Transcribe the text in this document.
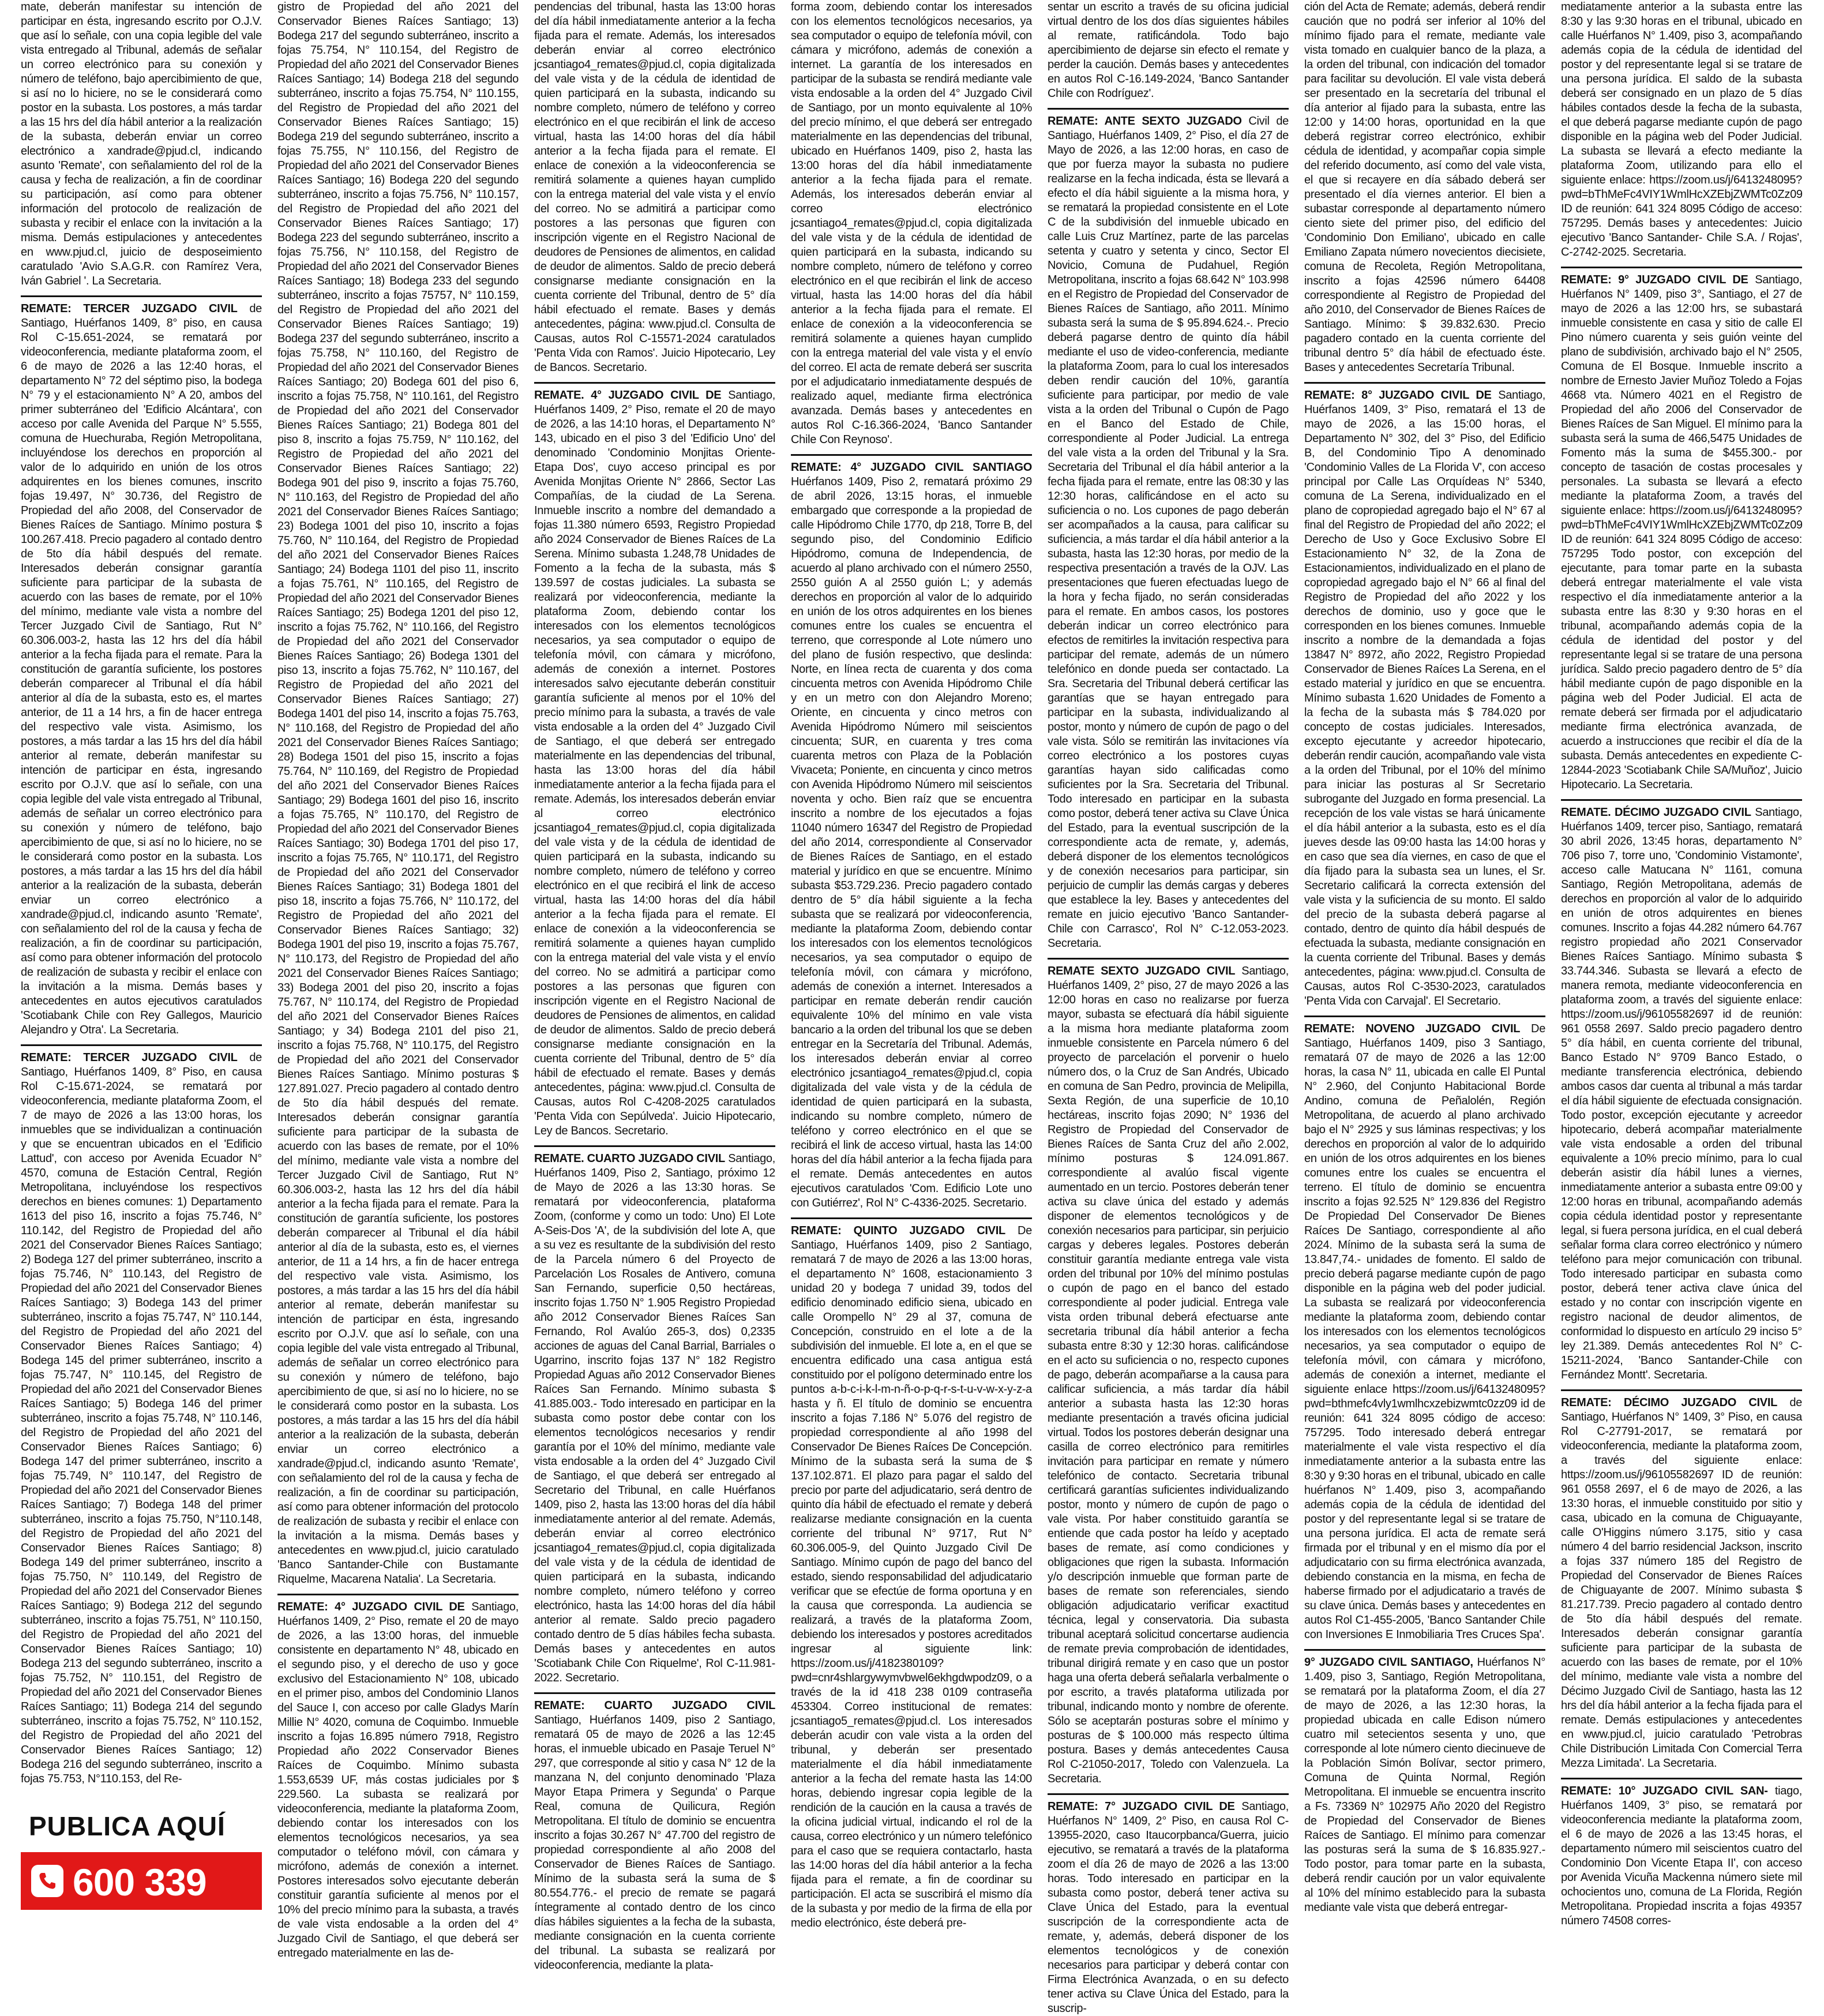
mate, deberán manifestar su intención de participar en ésta, ingresando escrito por O.J.V. que así lo señale, con una copia legible del vale vista entregado al Tribunal, además de señalar un correo electrónico para su conexión y número de teléfono, bajo apercibimiento de que, si así no lo hiciere, no se le considerará como postor en la subasta. Los postores, a más tardar a las 15 hrs del día hábil anterior a la realización de la subasta, deberán enviar un correo electrónico a xandrade@pjud.cl, indicando asunto 'Remate', con señalamiento del rol de la causa y fecha de realización, a fin de coordinar su participación, así como para obtener información del protocolo de realización de subasta y recibir el enlace con la invitación a la misma. Demás estipulaciones y antecedentes en www.pjud.cl, juicio de desposeimiento caratulado 'Avio S.A.G.R. con Ramírez Vera, Iván Gabriel '. La Secretaria.

REMATE: TERCER JUZGADO CIVIL de Santiago, Huérfanos 1409, 8° piso, en causa Rol C-15.651-2024, se rematará por videoconferencia, mediante plataforma zoom, el 6 de mayo de 2026 a las 12:40 horas, el departamento N° 72 del séptimo piso, la bodega N° 79 y el estacionamiento N° A 20, ambos del primer subterráneo del 'Edificio Alcántara', con acceso por calle Avenida del Parque N° 5.555, comuna de Huechuraba, Región Metropolitana, incluyéndose los derechos en proporción al valor de lo adquirido en unión de los otros adquirentes en los bienes comunes, inscrito fojas 19.497, N° 30.736, del Registro de Propiedad del año 2008, del Conservador de Bienes Raíces de Santiago. Mínimo postura $ 100.267.418. Precio pagadero al contado dentro de 5to día hábil después del remate. Interesados deberán consignar garantía suficiente para participar de la subasta de acuerdo con las bases de remate, por el 10% del mínimo, mediante vale vista a nombre del Tercer Juzgado Civil de Santiago, Rut N° 60.306.003-2, hasta las 12 hrs del día hábil anterior a la fecha fijada para el remate. Para la constitución de garantía suficiente, los postores deberán comparecer al Tribunal el día hábil anterior al día de la subasta, esto es, el martes anterior, de 11 a 14 hrs, a fin de hacer entrega del respectivo vale vista. Asimismo, los postores, a más tardar a las 15 hrs del día hábil anterior al remate, deberán manifestar su intención de participar en ésta, ingresando escrito por O.J.V. que así lo señale, con una copia legible del vale vista entregado al Tribunal, además de señalar un correo electrónico para su conexión y número de teléfono, bajo apercibimiento de que, si así no lo hiciere, no se le considerará como postor en la subasta. Los postores, a más tardar a las 15 hrs del día hábil anterior a la realización de la subasta, deberán enviar un correo electrónico a xandrade@pjud.cl, indicando asunto 'Remate', con señalamiento del rol de la causa y fecha de realización, a fin de coordinar su participación, así como para obtener información del protocolo de realización de subasta y recibir el enlace con la invitación a la misma. Demás bases y antecedentes en autos ejecutivos caratulados 'Scotiabank Chile con Rey Gallegos, Mauricio Alejandro y Otra'. La Secretaria.

REMATE: TERCER JUZGADO CIVIL de Santiago, Huérfanos 1409, 8° Piso, en causa Rol C-15.671-2024, se rematará por videoconferencia, mediante plataforma Zoom, el 7 de mayo de 2026 a las 13:00 horas, los inmuebles que se individualizan a continuación y que se encuentran ubicados en el 'Edificio Lattud', con acceso por Avenida Ecuador N° 4570, comuna de Estación Central, Región Metropolitana, incluyéndose los respectivos derechos en bienes comunes: 1) Departamento 1613 del piso 16, inscrito a fojas 75.746, N° 110.142, del Registro de Propiedad del año 2021 del Conservador Bienes Raíces Santiago; 2) Bodega 127 del primer subterráneo, inscrito a fojas 75.746, N° 110.143, del Registro de Propiedad del año 2021 del Conservador Bienes Raíces Santiago; 3) Bodega 143 del primer subterráneo, inscrito a fojas 75.747, N° 110.144, del Registro de Propiedad del año 2021 del Conservador Bienes Raíces Santiago; 4) Bodega 145 del primer subterráneo, inscrito a fojas 75.747, N° 110.145, del Registro de Propiedad del año 2021 del Conservador Bienes Raíces Santiago; 5) Bodega 146 del primer subterráneo, inscrito a fojas 75.748, N° 110.146, del Registro de Propiedad del año 2021 del Conservador Bienes Raíces Santiago; 6) Bodega 147 del primer subterráneo, inscrito a fojas 75.749, N° 110.147, del Registro de Propiedad del año 2021 del Conservador Bienes Raíces Santiago; 7) Bodega 148 del primer subterráneo, inscrito a fojas 75.750, N°110.148, del Registro de Propiedad del año 2021 del Conservador Bienes Raíces Santiago; 8) Bodega 149 del primer subterráneo, inscrito a fojas 75.750, N° 110.149, del Registro de Propiedad del año 2021 del Conservador Bienes Raíces Santiago; 9) Bodega 212 del segundo subterráneo, inscrito a fojas 75.751, N° 110.150, del Registro de Propiedad del año 2021 del Conservador Bienes Raíces Santiago; 10) Bodega 213 del segundo subterráneo, inscrito a fojas 75.752, N° 110.151, del Registro de Propiedad del año 2021 del Conservador Bienes Raíces Santiago; 11) Bodega 214 del segundo subterráneo, inscrito a fojas 75.752, N° 110.152, del Registro de Propiedad del año 2021 del Conservador Bienes Raíces Santiago; 12) Bodega 216 del segundo subterráneo, inscrito a fojas 75.753, N°110.153, del Re-

gistro de Propiedad del año 2021 del Conservador Bienes Raíces Santiago; 13) Bodega 217 del segundo subterráneo, inscrito a fojas 75.754, N° 110.154, del Registro de Propiedad del año 2021 del Conservador Bienes Raíces Santiago; 14) Bodega 218 del segundo subterráneo, inscrito a fojas 75.754, N° 110.155, del Registro de Propiedad del año 2021 del Conservador Bienes Raíces Santiago; 15) Bodega 219 del segundo subterráneo, inscrito a fojas 75.755, N° 110.156, del Registro de Propiedad del año 2021 del Conservador Bienes Raíces Santiago; 16) Bodega 220 del segundo subterráneo, inscrito a fojas 75.756, N° 110.157, del Registro de Propiedad del año 2021 del Conservador Bienes Raíces Santiago; 17) Bodega 223 del segundo subterráneo, inscrito a fojas 75.756, N° 110.158, del Registro de Propiedad del año 2021 del Conservador Bienes Raíces Santiago; 18) Bodega 233 del segundo subterráneo, inscrito a fojas 75757, N° 110.159, del Registro de Propiedad del año 2021 del Conservador Bienes Raíces Santiago; 19) Bodega 237 del segundo subterráneo, inscrito a fojas 75.758, N° 110.160, del Registro de Propiedad del año 2021 del Conservador Bienes Raíces Santiago; 20) Bodega 601 del piso 6, inscrito a fojas 75.758, N° 110.161, del Registro de Propiedad del año 2021 del Conservador Bienes Raíces Santiago; 21) Bodega 801 del piso 8, inscrito a fojas 75.759, N° 110.162, del Registro de Propiedad del año 2021 del Conservador Bienes Raíces Santiago; 22) Bodega 901 del piso 9, inscrito a fojas 75.760, N° 110.163, del Registro de Propiedad del año 2021 del Conservador Bienes Raíces Santiago; 23) Bodega 1001 del piso 10, inscrito a fojas 75.760, N° 110.164, del Registro de Propiedad del año 2021 del Conservador Bienes Raíces Santiago; 24) Bodega 1101 del piso 11, inscrito a fojas 75.761, N° 110.165, del Registro de Propiedad del año 2021 del Conservador Bienes Raíces Santiago; 25) Bodega 1201 del piso 12, inscrito a fojas 75.762, N° 110.166, del Registro de Propiedad del año 2021 del Conservador Bienes Raíces Santiago; 26) Bodega 1301 del piso 13, inscrito a fojas 75.762, N° 110.167, del Registro de Propiedad del año 2021 del Conservador Bienes Raíces Santiago; 27) Bodega 1401 del piso 14, inscrito a fojas 75.763, N° 110.168, del Registro de Propiedad del año 2021 del Conservador Bienes Raíces Santiago; 28) Bodega 1501 del piso 15, inscrito a fojas 75.764, N° 110.169, del Registro de Propiedad del año 2021 del Conservador Bienes Raíces Santiago; 29) Bodega 1601 del piso 16, inscrito a fojas 75.765, N° 110.170, del Registro de Propiedad del año 2021 del Conservador Bienes Raíces Santiago; 30) Bodega 1701 del piso 17, inscrito a fojas 75.765, N° 110.171, del Registro de Propiedad del año 2021 del Conservador Bienes Raíces Santiago; 31) Bodega 1801 del piso 18, inscrito a fojas 75.766, N° 110.172, del Registro de Propiedad del año 2021 del Conservador Bienes Raíces Santiago; 32) Bodega 1901 del piso 19, inscrito a fojas 75.767, N° 110.173, del Registro de Propiedad del año 2021 del Conservador Bienes Raíces Santiago; 33) Bodega 2001 del piso 20, inscrito a fojas 75.767, N° 110.174, del Registro de Propiedad del año 2021 del Conservador Bienes Raíces Santiago; y 34) Bodega 2101 del piso 21, inscrito a fojas 75.768, N° 110.175, del Registro de Propiedad del año 2021 del Conservador Bienes Raíces Santiago. Mínimo posturas $ 127.891.027. Precio pagadero al contado dentro de 5to día hábil después del remate. Interesados deberán consignar garantía suficiente para participar de la subasta de acuerdo con las bases de remate, por el 10% del mínimo, mediante vale vista a nombre del Tercer Juzgado Civil de Santiago, Rut N° 60.306.003-2, hasta las 12 hrs del día hábil anterior a la fecha fijada para el remate. Para la constitución de garantía suficiente, los postores deberán comparecer al Tribunal el día hábil anterior al día de la subasta, esto es, el viernes anterior, de 11 a 14 hrs, a fin de hacer entrega del respectivo vale vista. Asimismo, los postores, a más tardar a las 15 hrs del día hábil anterior al remate, deberán manifestar su intención de participar en ésta, ingresando escrito por O.J.V. que así lo señale, con una copia legible del vale vista entregado al Tribunal, además de señalar un correo electrónico para su conexión y número de teléfono, bajo apercibimiento de que, si así no lo hiciere, no se le considerará como postor en la subasta. Los postores, a más tardar a las 15 hrs del día hábil anterior a la realización de la subasta, deberán enviar un correo electrónico a xandrade@pjud.cl, indicando asunto 'Remate', con señalamiento del rol de la causa y fecha de realización, a fin de coordinar su participación, así como para obtener información del protocolo de realización de subasta y recibir el enlace con la invitación a la misma. Demás bases y antecedentes en www.pjud.cl, juicio caratulado 'Banco Santander-Chile con Bustamante Riquelme, Macarena Natalia'. La Secretaria.

REMATE: 4° JUZGADO CIVIL DE Santiago, Huérfanos 1409, 2° Piso, remate el 20 de mayo de 2026, a las 13:00 horas, del inmueble consistente en departamento N° 48, ubicado en el segundo piso, y el derecho de uso y goce exclusivo del Estacionamiento N° 108, ubicado en el primer piso, ambos del Condominio Llanos del Sauce I, con acceso por calle Gladys Marín Millie N° 4020, comuna de Coquimbo. Inmueble inscrito a fojas 16.895 número 7918, Registro Propiedad año 2022 Conservador Bienes Raíces de Coquimbo. Mínimo subasta 1.553,6539 UF, más costas judiciales por $ 229.560. La subasta se realizará por videoconferencia, mediante la plataforma Zoom, debiendo contar los interesados con los elementos tecnológicos necesarios, ya sea computador o teléfono móvil, con cámara y micrófono, además de conexión a internet. Postores interesados solvo ejecutante deberán constituir garantía suficiente al menos por el 10% del precio mínimo para la subasta, a través de vale vista endosable a la orden del 4° Juzgado Civil de Santiago, el que deberá ser entregado materialmente en las de-

pendencias del tribunal, hasta las 13:00 horas del día hábil inmediatamente anterior a la fecha fijada para el remate. Además, los interesados deberán enviar al correo electrónico jcsantiago4_remates@pjud.cl, copia digitalizada del vale vista y de la cédula de identidad de quien participará en la subasta, indicando su nombre completo, número de teléfono y correo electrónico en el que recibirán el link de acceso virtual, hasta las 14:00 horas del día hábil anterior a la fecha fijada para el remate. El enlace de conexión a la videoconferencia se remitirá solamente a quienes hayan cumplido con la entrega material del vale vista y el envío del correo. No se admitirá a participar como postores a las personas que figuren con inscripción vigente en el Registro Nacional de deudores de Pensiones de alimentos, en calidad de deudor de alimentos. Saldo de precio deberá consignarse mediante consignación en la cuenta corriente del Tribunal, dentro de 5° día hábil efectuado el remate. Bases y demás antecedentes, página: www.pjud.cl. Consulta de Causas, autos Rol C-15571-2024 caratulados 'Penta Vida con Ramos'. Juicio Hipotecario, Ley de Bancos. Secretario.

REMATE. 4° JUZGADO CIVIL DE Santiago, Huérfanos 1409, 2° Piso, remate el 20 de mayo de 2026, a las 14:10 horas, el Departamento N° 143, ubicado en el piso 3 del 'Edificio Uno' del denominado 'Condominio Monjitas Oriente-Etapa Dos', cuyo acceso principal es por Avenida Monjitas Oriente N° 2866, Sector Las Compañías, de la ciudad de La Serena. Inmueble inscrito a nombre del demandado a fojas 11.380 número 6593, Registro Propiedad año 2024 Conservador de Bienes Raíces de La Serena. Mínimo subasta 1.248,78 Unidades de Fomento a la fecha de la subasta, más $ 139.597 de costas judiciales. La subasta se realizará por videoconferencia, mediante la plataforma Zoom, debiendo contar los interesados con los elementos tecnológicos necesarios, ya sea computador o equipo de telefonía móvil, con cámara y micrófono, además de conexión a internet. Postores interesados salvo ejecutante deberán constituir garantía suficiente al menos por el 10% del precio mínimo para la subasta, a través de vale vista endosable a la orden del 4° Juzgado Civil de Santiago, el que deberá ser entregado materialmente en las dependencias del tribunal, hasta las 13:00 horas del día hábil inmediatamente anterior a la fecha fijada para el remate. Además, los interesados deberán enviar al correo electrónico jcsantiago4_remates@pjud.cl, copia digitalizada del vale vista y de la cédula de identidad de quien participará en la subasta, indicando su nombre completo, número de teléfono y correo electrónico en el que recibirá el link de acceso virtual, hasta las 14:00 horas del día hábil anterior a la fecha fijada para el remate. El enlace de conexión a la videoconferencia se remitirá solamente a quienes hayan cumplido con la entrega material del vale vista y el envío del correo. No se admitirá a participar como postores a las personas que figuren con inscripción vigente en el Registro Nacional de deudores de Pensiones de alimentos, en calidad de deudor de alimentos. Saldo de precio deberá consignarse mediante consignación en la cuenta corriente del Tribunal, dentro de 5° día hábil de efectuado el remate. Bases y demás antecedentes, página: www.pjud.cl. Consulta de Causas, autos Rol C-4208-2025 caratulados 'Penta Vida con Sepúlveda'. Juicio Hipotecario, Ley de Bancos. Secretario.

REMATE. CUARTO JUZGADO CIVIL Santiago, Huérfanos 1409, Piso 2, Santiago, próximo 12 de Mayo de 2026 a las 13:30 horas. Se rematará por videoconferencia, plataforma Zoom, (conforme y como un todo: Uno) El Lote A-Seis-Dos 'A', de la subdivisión del lote A, que a su vez es resultante de la subdivisión del resto de la Parcela número 6 del Proyecto de Parcelación Los Rosales de Antivero, comuna San Fernando, superficie 0,50 hectáreas, inscrito fojas 1.750 N° 1.905 Registro Propiedad año 2012 Conservador Bienes Raíces San Fernando, Rol Avalúo 265-3, dos) 0,2335 acciones de aguas del Canal Barrial, Barriales o Ugarrino, inscrito fojas 137 N° 182 Registro Propiedad Aguas año 2012 Conservador Bienes Raíces San Fernando. Mínimo subasta $ 41.885.003.- Todo interesado en participar en la subasta como postor debe contar con los elementos tecnológicos necesarios y rendir garantía por el 10% del mínimo, mediante vale vista endosable a la orden del 4° Juzgado Civil de Santiago, el que deberá ser entregado al Secretario del Tribunal, en calle Huérfanos 1409, piso 2, hasta las 13:00 horas del día hábil inmediatamente anterior al del remate. Además, deberán enviar al correo electrónico jcsantiago4_remates@pjud.cl, copia digitalizada del vale vista y de la cédula de identidad de quien participará en la subasta, indicando nombre completo, número teléfono y correo electrónico, hasta las 14:00 horas del día hábil anterior al remate. Saldo precio pagadero contado dentro de 5 días hábiles fecha subasta. Demás bases y antecedentes en autos 'Scotiabank Chile Con Riquelme', Rol C-11.981-2022. Secretario.

REMATE: CUARTO JUZGADO CIVIL Santiago, Huérfanos 1409, piso 2 Santiago, rematará 05 de mayo de 2026 a las 12:45 horas, el inmueble ubicado en Pasaje Teruel N° 297, que corresponde al sitio y casa N° 12 de la manzana N, del conjunto denominado 'Plaza Mayor Etapa Primera y Segunda' o Parque Real, comuna de Quilicura, Región Metropolitana. El título de dominio se encuentra inscrito a fojas 30.267 N° 47.700 del registro de propiedad correspondiente al año 2008 del Conservador de Bienes Raíces de Santiago. Mínimo de la subasta será la suma de $ 80.554.776.- el precio de remate se pagará íntegramente al contado dentro de los cinco días hábiles siguientes a la fecha de la subasta, mediante consignación en la cuenta corriente del tribunal. La subasta se realizará por videoconferencia, mediante la plata-

forma zoom, debiendo contar los interesados con los elementos tecnológicos necesarios, ya sea computador o equipo de telefonía móvil, con cámara y micrófono, además de conexión a internet. La garantía de los interesados en participar de la subasta se rendirá mediante vale vista endosable a la orden del 4° Juzgado Civil de Santiago, por un monto equivalente al 10% del precio mínimo, el que deberá ser entregado materialmente en las dependencias del tribunal, ubicado en Huérfanos 1409, piso 2, hasta las 13:00 horas del día hábil inmediatamente anterior a la fecha fijada para el remate. Además, los interesados deberán enviar al correo electrónico jcsantiago4_remates@pjud.cl, copia digitalizada del vale vista y de la cédula de identidad de quien participará en la subasta, indicando su nombre completo, número de teléfono y correo electrónico en el que recibirán el link de acceso virtual, hasta las 14:00 horas del día hábil anterior a la fecha fijada para el remate. El enlace de conexión a la videoconferencia se remitirá solamente a quienes hayan cumplido con la entrega material del vale vista y el envío del correo. El acta de remate deberá ser suscrita por el adjudicatario inmediatamente después de realizado aquel, mediante firma electrónica avanzada. Demás bases y antecedentes en autos Rol C-16.366-2024, 'Banco Santander Chile Con Reynoso'.

REMATE: 4° JUZGADO CIVIL SANTIAGO Huérfanos 1409, Piso 2, rematará próximo 29 de abril 2026, 13:15 horas, el inmueble embargado que corresponde a la propiedad de calle Hipódromo Chile 1770, dp 218, Torre B, del segundo piso, del Condominio Edificio Hipódromo, comuna de Independencia, de acuerdo al plano archivado con el número 2550, 2550 guión A al 2550 guión L; y además derechos en proporción al valor de lo adquirido en unión de los otros adquirentes en los bienes comunes entre los cuales se encuentra el terreno, que corresponde al Lote número uno del plano de fusión respectivo, que deslinda: Norte, en línea recta de cuarenta y dos coma cincuenta metros con Avenida Hipódromo Chile y en un metro con don Alejandro Moreno; Oriente, en cincuenta y cinco metros con Avenida Hipódromo Número mil seiscientos cincuenta; SUR, en cuarenta y tres coma cuarenta metros con Plaza de la Población Vivaceta; Poniente, en cincuenta y cinco metros con Avenida Hipódromo Número mil seiscientos noventa y ocho. Bien raíz que se encuentra inscrito a nombre de los ejecutados a fojas 11040 número 16347 del Registro de Propiedad del año 2014, correspondiente al Conservador de Bienes Raíces de Santiago, en el estado material y jurídico en que se encuentre. Mínimo subasta $53.729.236. Precio pagadero contado dentro de 5° día hábil siguiente a la fecha subasta que se realizará por videoconferencia, mediante la plataforma Zoom, debiendo contar los interesados con los elementos tecnológicos necesarios, ya sea computador o equipo de telefonía móvil, con cámara y micrófono, además de conexión a internet. Interesados a participar en remate deberán rendir caución equivalente 10% del mínimo en vale vista bancario a la orden del tribunal los que se deben entregar en la Secretaría del Tribunal. Además, los interesados deberán enviar al correo electrónico jcsantiago4_remates@pjud.cl, copia digitalizada del vale vista y de la cédula de identidad de quien participará en la subasta, indicando su nombre completo, número de teléfono y correo electrónico en el que se recibirá el link de acceso virtual, hasta las 14:00 horas del día hábil anterior a la fecha fijada para el remate. Demás antecedentes en autos ejecutivos caratulados 'Com. Edificio Lote uno con Gutiérrez', Rol N° C-4336-2025. Secretario.

REMATE: QUINTO JUZGADO CIVIL De Santiago, Huérfanos 1409, piso 2 Santiago, rematará 7 de mayo de 2026 a las 13:00 horas, el departamento N° 1608, estacionamiento 3 unidad 20 y bodega 7 unidad 39, todos del edificio denominado edificio siena, ubicado en calle Orompello N° 29 al 37, comuna de Concepción, construido en el lote a de la subdivisión del inmueble. El lote a, en el que se encuentra edificado una casa antigua está constituido por el polígono determinado entre los puntos a-b-c-i-k-l-m-n-ñ-o-p-q-r-s-t-u-v-w-x-y-z-a hasta y ñ. El título de dominio se encuentra inscrito a fojas 7.186 N° 5.076 del registro de propiedad correspondiente al año 1998 del Conservador De Bienes Raíces De Concepción. Mínimo de la subasta será la suma de $ 137.102.871. El plazo para pagar el saldo del precio por parte del adjudicatario, será dentro de quinto día hábil de efectuado el remate y deberá realizarse mediante consignación en la cuenta corriente del tribunal N° 9717, Rut N° 60.306.005-9, del Quinto Juzgado Civil De Santiago. Mínimo cupón de pago del banco del estado, siendo responsabilidad del adjudicatario verificar que se efectúe de forma oportuna y en la causa que corresponda. La audiencia se realizará, a través de la plataforma Zoom, debiendo los interesados y postores acreditados ingresar al siguiente link: https://zoom.us/j/4182380109?pwd=cnr4shlargywymvbwel6ekhgdwpodz09, o a través de la id 418 238 0109 contraseña 453304. Correo institucional de remates: jcsantiago5_remates@pjud.cl. Los interesados deberán acudir con vale vista a la orden del tribunal, y deberán ser presentado materialmente el día hábil inmediatamente anterior a la fecha del remate hasta las 14:00 horas, debiendo ingresar copia legible de la rendición de la caución en la causa a través de la oficina judicial virtual, indicando el rol de la causa, correo electrónico y un número telefónico para el caso que se requiera contactarlo, hasta las 14:00 horas del día hábil anterior a la fecha fijada para el remate, a fin de coordinar su participación. El acta se suscribirá el mismo día de la subasta y por medio de la firma de ella por medio electrónico, éste deberá pre-

sentar un escrito a través de su oficina judicial virtual dentro de los dos días siguientes hábiles al remate, ratificándola. Todo bajo apercibimiento de dejarse sin efecto el remate y perder la caución. Demás bases y antecedentes en autos Rol C-16.149-2024, 'Banco Santander Chile con Rodríguez'.

REMATE: ANTE SEXTO JUZGADO Civil de Santiago, Huérfanos 1409, 2° Piso, el día 27 de Mayo de 2026, a las 12:00 horas, en caso de que por fuerza mayor la subasta no pudiere realizarse en la fecha indicada, ésta se llevará a efecto el día hábil siguiente a la misma hora, y se rematará la propiedad consistente en el Lote C de la subdivisión del inmueble ubicado en calle Luis Cruz Martínez, parte de las parcelas setenta y cuatro y setenta y cinco, Sector El Novicio, Comuna de Pudahuel, Región Metropolitana, inscrito a fojas 68.642 N° 103.998 en el Registro de Propiedad del Conservador de Bienes Raíces de Santiago, año 2011. Mínimo subasta será la suma de $ 95.894.624.-. Precio deberá pagarse dentro de quinto día hábil mediante el uso de video-conferencia, mediante la plataforma Zoom, para lo cual los interesados deben rendir caución del 10%, garantía suficiente para participar, por medio de vale vista a la orden del Tribunal o Cupón de Pago en el Banco del Estado de Chile, correspondiente al Poder Judicial. La entrega del vale vista a la orden del Tribunal y la Sra. Secretaria del Tribunal el día hábil anterior a la fecha fijada para el remate, entre las 08:30 y las 12:30 horas, calificándose en el acto su suficiencia o no. Los cupones de pago deberán ser acompañados a la causa, para calificar su suficiencia, a más tardar el día hábil anterior a la subasta, hasta las 12:30 horas, por medio de la respectiva presentación a través de la OJV. Las presentaciones que fueren efectuadas luego de la hora y fecha fijado, no serán consideradas para el remate. En ambos casos, los postores deberán indicar un correo electrónico para efectos de remitirles la invitación respectiva para participar del remate, además de un número telefónico en donde pueda ser contactado. La Sra. Secretaria del Tribunal deberá certificar las garantías que se hayan entregado para participar en la subasta, individualizando al postor, monto y número de cupón de pago o del vale vista. Sólo se remitirán las invitaciones vía correo electrónico a los postores cuyas garantías hayan sido calificadas como suficientes por la Sra. Secretaria del Tribunal. Todo interesado en participar en la subasta como postor, deberá tener activa su Clave Única del Estado, para la eventual suscripción de la correspondiente acta de remate, y, además, deberá disponer de los elementos tecnológicos y de conexión necesarios para participar, sin perjuicio de cumplir las demás cargas y deberes que establece la ley. Bases y antecedentes del remate en juicio ejecutivo 'Banco Santander-Chile con Carrasco', Rol N° C-12.053-2023. Secretaria.

REMATE SEXTO JUZGADO CIVIL Santiago, Huérfanos 1409, 2° piso, 27 de mayo 2026 a las 12:00 horas en caso no realizarse por fuerza mayor, subasta se efectuará día hábil siguiente a la misma hora mediante plataforma zoom inmueble consistente en Parcela número 6 del proyecto de parcelación el porvenir o huelo número dos, o la Cruz de San Andrés, Ubicado en comuna de San Pedro, provincia de Melipilla, Sexta Región, de una superficie de 10,10 hectáreas, inscrito fojas 2090; N° 1936 del Registro de Propiedad del Conservador de Bienes Raíces de Santa Cruz del año 2.002, mínimo posturas $ 124.091.867. correspondiente al avalúo fiscal vigente aumentado en un tercio. Postores deberán tener activa su clave única del estado y además disponer de elementos tecnológicos y de conexión necesarios para participar, sin perjuicio cargas y deberes legales. Postores deberán constituir garantía mediante entrega vale vista orden del tribunal por 10% del mínimo postulas o cupón de pago en el banco del estado correspondiente al poder judicial. Entrega vale vista orden tribunal deberá efectuarse ante secretaria tribunal día hábil anterior a fecha subasta entre 8:30 y 12:30 horas. calificándose en el acto su suficiencia o no, respecto cupones de pago, deberán acompañarse a la causa para calificar suficiencia, a más tardar día hábil anterior a subasta hasta las 12:30 horas mediante presentación a través oficina judicial virtual. Todos los postores deberán designar una casilla de correo electrónico para remitirles invitación para participar en remate y número telefónico de contacto. Secretaria tribunal certificará garantías suficientes individualizando postor, monto y número de cupón de pago o vale vista. Por haber constituido garantía se entiende que cada postor ha leído y aceptado bases de remate, así como condiciones y obligaciones que rigen la subasta. Información y/o descripción inmueble que forman parte de bases de remate son referenciales, siendo obligación adjudicatario verificar exactitud técnica, legal y conservatoria. Dia subasta tribunal aceptará solicitud concertarse audiencia de remate previa comprobación de identidades, tribunal dirigirá remate y en caso que un postor haga una oferta deberá señalarla verbalmente o por escrito, a través plataforma utilizada por tribunal, indicando monto y nombre de oferente. Sólo se aceptarán posturas sobre el mínimo y posturas de $ 100.000 más respecto última postura. Bases y demás antecedentes Causa Rol C-21050-2017, Toledo con Valenzuela. La Secretaria.

REMATE: 7° JUZGADO CIVIL DE Santiago, Huérfanos N° 1409, 2° Piso, en causa Rol C-13955-2020, caso Itaucorpbanca/Guerra, juicio ejecutivo, se rematará a través de la plataforma zoom el día 26 de mayo de 2026 a las 13:00 horas. Todo interesado en participar en la subasta como postor, deberá tener activa su Clave Única del Estado, para la eventual suscripción de la correspondiente acta de remate, y, además, deberá disponer de los elementos tecnológicos y de conexión necesarios para participar y deberá contar con Firma Electrónica Avanzada, o en su defecto tener activa su Clave Única del Estado, para la suscrip-

ción del Acta de Remate; además, deberá rendir caución que no podrá ser inferior al 10% del mínimo fijado para el remate, mediante vale vista tomado en cualquier banco de la plaza, a la orden del tribunal, con indicación del tomador para facilitar su devolución. El vale vista deberá ser presentado en la secretaría del tribunal el día anterior al fijado para la subasta, entre las 12:00 y 14:00 horas, oportunidad en la que deberá registrar correo electrónico, exhibir cédula de identidad, y acompañar copia simple del referido documento, así como del vale vista, el que si recayere en día sábado deberá ser presentado el día viernes anterior. El bien a subastar corresponde al departamento número ciento siete del primer piso, del edificio del 'Condominio Don Emiliano', ubicado en calle Emiliano Zapata número novecientos diecisiete, comuna de Recoleta, Región Metropolitana, inscrito a fojas 42596 número 64408 correspondiente al Registro de Propiedad del año 2010, del Conservador de Bienes Raíces de Santiago. Mínimo: $ 39.832.630. Precio pagadero contado en la cuenta corriente del tribunal dentro 5° día hábil de efectuado éste. Bases y antecedentes Secretaría Tribunal.

REMATE: 8° JUZGADO CIVIL DE Santiago, Huérfanos 1409, 3° Piso, rematará el 13 de mayo de 2026, a las 15:00 horas, el Departamento N° 302, del 3° Piso, del Edificio B, del Condominio Tipo A denominado 'Condominio Valles de La Florida V', con acceso principal por Calle Las Orquídeas N° 5340, comuna de La Serena, individualizado en el plano de copropiedad agregado bajo el N° 67 al final del Registro de Propiedad del año 2022; el Derecho de Uso y Goce Exclusivo Sobre El Estacionamiento N° 32, de la Zona de Estacionamientos, individualizado en el plano de copropiedad agregado bajo el N° 66 al final del Registro de Propiedad del año 2022 y los derechos de dominio, uso y goce que le corresponden en los bienes comunes. Inmueble inscrito a nombre de la demandada a fojas 13847 N° 8972, año 2022, Registro Propiedad Conservador de Bienes Raíces La Serena, en el estado material y jurídico en que se encuentra. Mínimo subasta 1.620 Unidades de Fomento a la fecha de la subasta más $ 784.020 por concepto de costas judiciales. Interesados, excepto ejecutante y acreedor hipotecario, deberán rendir caución, acompañando vale vista a la orden del Tribunal, por el 10% del mínimo para iniciar las posturas al Sr Secretario subrogante del Juzgado en forma presencial. La recepción de los vale vistas se hará únicamente el día hábil anterior a la subasta, esto es el día jueves desde las 09:00 hasta las 14:00 horas y en caso que sea día viernes, en caso de que el día fijado para la subasta sea un lunes, el Sr. Secretario calificará la correcta extensión del vale vista y la suficiencia de su monto. El saldo del precio de la subasta deberá pagarse al contado, dentro de quinto día hábil después de efectuada la subasta, mediante consignación en la cuenta corriente del Tribunal. Bases y demás antecedentes, página: www.pjud.cl. Consulta de Causas, autos Rol C-3530-2023, caratulados 'Penta Vida con Carvajal'. El Secretario.

REMATE: NOVENO JUZGADO CIVIL De Santiago, Huérfanos 1409, piso 3 Santiago, rematará 07 de mayo de 2026 a las 12:00 horas, la casa N° 11, ubicada en calle El Puntal N° 2.960, del Conjunto Habitacional Borde Andino, comuna de Peñalolén, Región Metropolitana, de acuerdo al plano archivado bajo el N° 2925 y sus láminas respectivas; y los derechos en proporción al valor de lo adquirido en unión de los otros adquirentes en los bienes comunes entre los cuales se encuentra el terreno. El título de dominio se encuentra inscrito a fojas 92.525 N° 129.836 del Registro De Propiedad Del Conservador De Bienes Raíces De Santiago, correspondiente al año 2024. Mínimo de la subasta será la suma de 13.847,74.- unidades de fomento. El saldo de precio deberá pagarse mediante cupón de pago disponible en la página web del poder judicial. La subasta se realizará por videoconferencia mediante la plataforma zoom, debiendo contar los interesados con los elementos tecnológicos necesarios, ya sea computador o equipo de telefonía móvil, con cámara y micrófono, además de conexión a internet, mediante el siguiente enlace https://zoom.us/j/6413248095?pwd=bthmefc4vly1wmlhcxzebizwmtc0zz09 id de reunión: 641 324 8095 código de acceso: 757295. Todo interesado deberá entregar materialmente el vale vista respectivo el día inmediatamente anterior a la subasta entre las 8:30 y 9:30 horas en el tribunal, ubicado en calle huérfanos N° 1.409, piso 3, acompañando además copia de la cédula de identidad del postor y del representante legal si se tratare de una persona jurídica. El acta de remate será firmada por el tribunal y en el mismo día por el adjudicatario con su firma electrónica avanzada, debiendo constancia en la misma, en fecha de haberse firmado por el adjudicatario a través de su clave única. Demás bases y antecedentes en autos Rol C1-455-2005, 'Banco Santander Chile con Inversiones E Inmobiliaria Tres Cruces Spa'.

9° JUZGADO CIVIL SANTIAGO, Huérfanos N° 1.409, piso 3, Santiago, Región Metropolitana, se rematará por la plataforma Zoom, el día 27 de mayo de 2026, a las 12:30 horas, la propiedad ubicada en calle Edison número cuatro mil setecientos sesenta y uno, que corresponde al lote número ciento diecinueve de la Población Simón Bolívar, sector primero, Comuna de Quinta Normal, Región Metropolitana. El inmueble se encuentra inscrito a Fs. 73369 N° 102975 Año 2020 del Registro de Propiedad del Conservador de Bienes Raíces de Santiago. El mínimo para comenzar las posturas será la suma de $ 16.835.927.- Todo postor, para tomar parte en la subasta, deberá rendir caución por un valor equivalente al 10% del mínimo establecido para la subasta mediante vale vista que deberá entregar-

mediatamente anterior a la subasta entre las 8:30 y las 9:30 horas en el tribunal, ubicado en calle Huérfanos N° 1.409, piso 3, acompañando además copia de la cédula de identidad del postor y del representante legal si se tratare de una persona jurídica. El saldo de la subasta deberá ser consignado en un plazo de 5 días hábiles contados desde la fecha de la subasta, el que deberá pagarse mediante cupón de pago disponible en la página web del Poder Judicial. La subasta se llevará a efecto mediante la plataforma Zoom, utilizando para ello el siguiente enlace: https://zoom.us/j/6413248095?pwd=bThMeFc4VIY1WmlHcXZEbjZWMTc0Zz09 ID de reunión: 641 324 8095 Código de acceso: 757295. Demás bases y antecedentes: Juicio ejecutivo 'Banco Santander- Chile S.A. / Rojas', C-2742-2025. Secretaria.

REMATE: 9° JUZGADO CIVIL DE Santiago, Huérfanos N° 1409, piso 3°, Santiago, el 27 de mayo de 2026 a las 12:00 hrs, se subastará inmueble consistente en casa y sitio de calle El Pino número cuarenta y seis guión veinte del plano de subdivisión, archivado bajo el N° 2505, Comuna de El Bosque. Inmueble inscrito a nombre de Ernesto Javier Muñoz Toledo a Fojas 4668 vta. Número 4021 en el Registro de Propiedad del año 2006 del Conservador de Bienes Raíces de San Miguel. El mínimo para la subasta será la suma de 466,5475 Unidades de Fomento más la suma de $455.300.- por concepto de tasación de costas procesales y personales. La subasta se llevará a efecto mediante la plataforma Zoom, a través del siguiente enlace: https://zoom.us/j/6413248095?pwd=bThMeFc4VIY1WmlHcXZEbjZWMTc0Zz09 ID de reunión: 641 324 8095 Código de acceso: 757295 Todo postor, con excepción del ejecutante, para tomar parte en la subasta deberá entregar materialmente el vale vista respectivo el día inmediatamente anterior a la subasta entre las 8:30 y 9:30 horas en el tribunal, acompañando además copia de la cédula de identidad del postor y del representante legal si se tratare de una persona jurídica. Saldo precio pagadero dentro de 5° día hábil mediante cupón de pago disponible en la página web del Poder Judicial. El acta de remate deberá ser firmada por el adjudicatario mediante firma electrónica avanzada, de acuerdo a instrucciones que recibir el día de la subasta. Demás antecedentes en expediente C-12844-2023 'Scotiabank Chile SA/Muñoz', Juicio Hipotecario. La Secretaria.

REMATE. DÉCIMO JUZGADO CIVIL Santiago, Huérfanos 1409, tercer piso, Santiago, rematará 30 abril 2026, 13:45 horas, departamento N° 706 piso 7, torre uno, 'Condominio Vistamonte', acceso calle Matucana N° 1161, comuna Santiago, Región Metropolitana, además de derechos en proporción al valor de lo adquirido en unión de otros adquirentes en bienes comunes. Inscrito a fojas 44.282 número 64.767 registro propiedad año 2021 Conservador Bienes Raíces Santiago. Mínimo subasta $ 33.744.346. Subasta se llevará a efecto de manera remota, mediante videoconferencia en plataforma zoom, a través del siguiente enlace: https://zoom.us/j/96105582697 id de reunión: 961 0558 2697. Saldo precio pagadero dentro 5° día hábil, en cuenta corriente del tribunal, Banco Estado N° 9709 Banco Estado, o mediante transferencia electrónica, debiendo ambos casos dar cuenta al tribunal a más tardar el día hábil siguiente de efectuada consignación. Todo postor, excepción ejecutante y acreedor hipotecario, deberá acompañar materialmente vale vista endosable a orden del tribunal equivalente a 10% precio mínimo, para lo cual deberán asistir día hábil lunes a viernes, inmediatamente anterior a subasta entre 09:00 y 12:00 horas en tribunal, acompañando además copia cédula identidad postor y representante legal, si fuera persona jurídica, en el cual deberá señalar forma clara correo electrónico y número teléfono para mejor comunicación con tribunal. Todo interesado participar en subasta como postor, deberá tener activa clave única del estado y no contar con inscripción vigente en registro nacional de deudor alimentos, de conformidad lo dispuesto en artículo 29 inciso 5° ley 21.389. Demás antecedentes Rol N° C-15211-2024, 'Banco Santander-Chile con Fernández Montt'. Secretaria.

REMATE: DÉCIMO JUZGADO CIVIL de Santiago, Huérfanos N° 1409, 3° Piso, en causa Rol C-27791-2017, se rematará por videoconferencia, mediante la plataforma zoom, a través del siguiente enlace: https://zoom.us/j/96105582697 ID de reunión: 961 0558 2697, el 6 de mayo de 2026, a las 13:30 horas, el inmueble constituido por sitio y casa, ubicado en la comuna de Chiguayante, calle O'Higgins número 3.175, sitio y casa número 4 del barrio residencial Jackson, inscrito a fojas 337 número 185 del Registro de Propiedad del Conservador de Bienes Raíces de Chiguayante de 2007. Mínimo subasta $ 81.217.739. Precio pagadero al contado dentro de 5to día hábil después del remate. Interesados deberán consignar garantía suficiente para participar de la subasta de acuerdo con las bases de remate, por el 10% del mínimo, mediante vale vista a nombre del Décimo Juzgado Civil de Santiago, hasta las 12 hrs del día hábil anterior a la fecha fijada para el remate. Demás estipulaciones y antecedentes en www.pjud.cl, juicio caratulado 'Petrobras Chile Distribución Limitada Con Comercial Terra Mezza Limitada'. La Secretaria.

REMATE: 10° JUZGADO CIVIL SAN- tiago, Huérfanos 1409, 3° piso, se rematará por videoconferencia mediante la plataforma zoom, el 6 de mayo de 2026 a las 13:45 horas, el departamento número mil seiscientos cuatro del Condominio Don Vicente Etapa II', con acceso por Avenida Vicuña Mackenna número siete mil ochocientos uno, comuna de La Florida, Región Metropolitana. Propiedad inscrita a fojas 49357 número 74508 corres-

PUBLICA AQUÍ
600 339 6000
